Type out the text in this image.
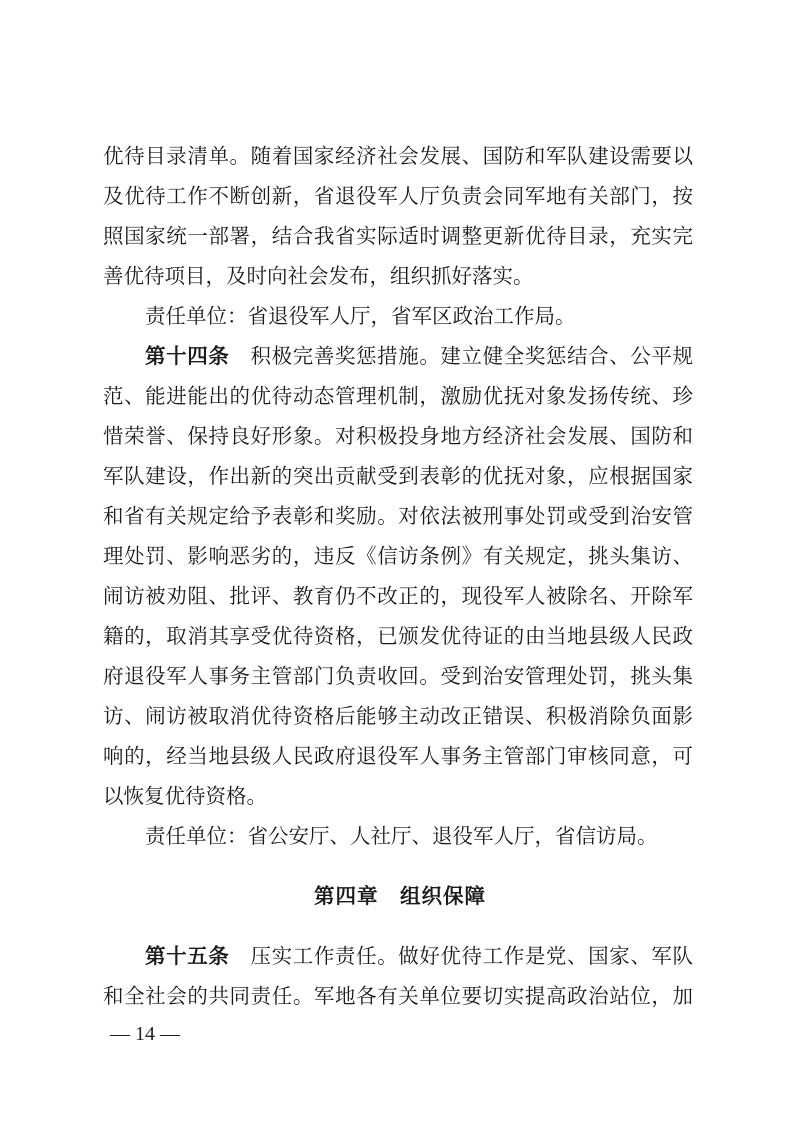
优待目录清单。随着国家经济社会发展、国防和军队建设需要以
及优待工作不断创新，省退役军人厅负责会同军地有关部门，按
照国家统一部署，结合我省实际适时调整更新优待目录，充实完
善优待项目，及时向社会发布，组织抓好落实。
责任单位：省退役军人厅，省军区政治工作局。
第十四条　 积极完善奖惩措施。建立健全奖惩结合、公平规
范、能进能出的优待动态管理机制，激励优抚对象发扬传统、珍
惜荣誉、保持良好形象。对积极投身地方经济社会发展、国防和
军队建设，作出新的突出贡献受到表彰的优抚对象，应根据国家
和省有关规定给予表彰和奖励。对依法被刑事处罚或受到治安管
理处罚、影响恶劣的，违反《信访条例》有关规定，挑头集访、
闹访被劝阻、批评、教育仍不改正的，现役军人被除名、开除军
籍的，取消其享受优待资格，已颁发优待证的由当地县级人民政
府退役军人事务主管部门负责收回。受到治安管理处罚，挑头集
访、闹访被取消优待资格后能够主动改正错误、积极消除负面影
响的，经当地县级人民政府退役军人事务主管部门审核同意，可
以恢复优待资格。
责任单位：省公安厅、人社厅、退役军人厅，省信访局。
第四章　组织保障
第十五条　 压实工作责任。做好优待工作是党、国家、军队
和全社会的共同责任。军地各有关单位要切实提高政治站位，加
— 14 —
